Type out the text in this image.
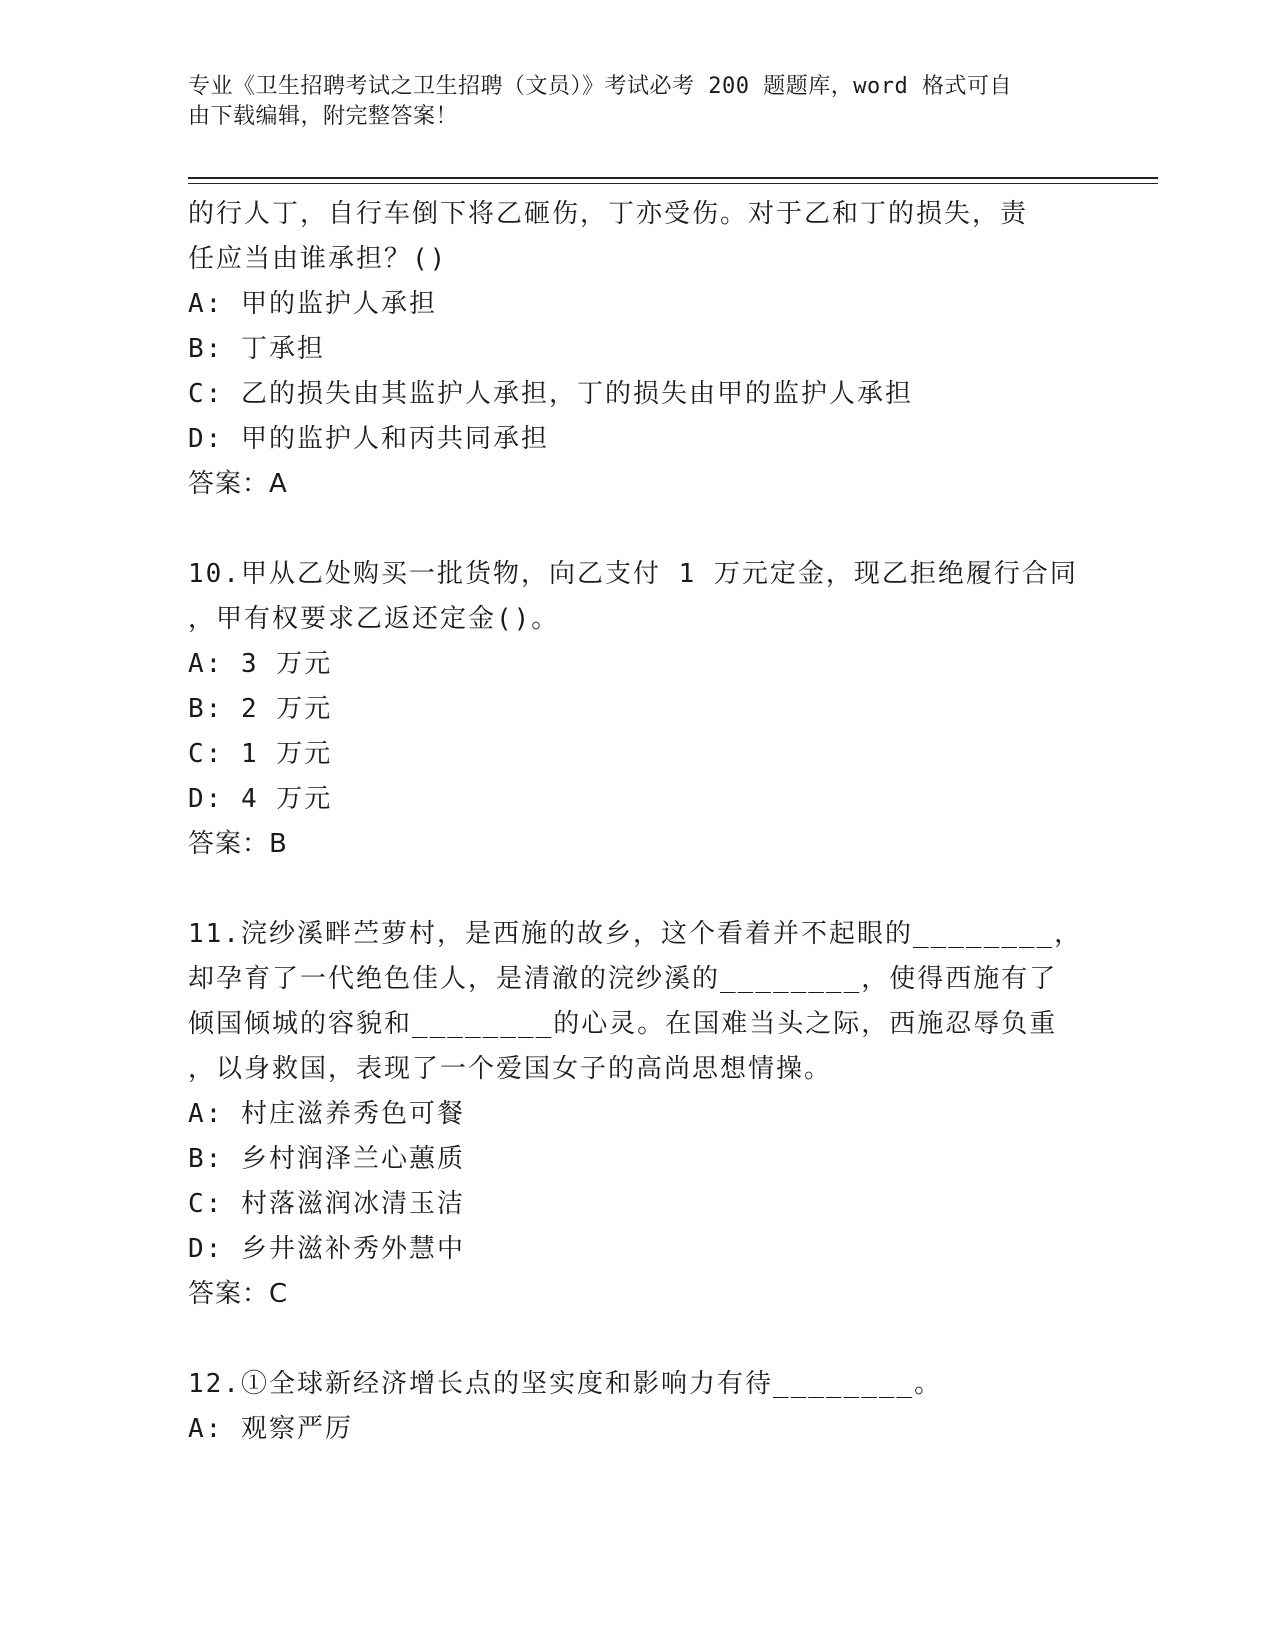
专业《卫生招聘考试之卫生招聘（文员）》考试必考 200 题题库，word 格式可自
由下载编辑，附完整答案！
的行人丁，自行车倒下将乙砸伤，丁亦受伤。对于乙和丁的损失，责
任应当由谁承担？()
A: 甲的监护人承担
B: 丁承担
C: 乙的损失由其监护人承担，丁的损失由甲的监护人承担
D: 甲的监护人和丙共同承担
答案：A
10.甲从乙处购买一批货物，向乙支付 1 万元定金，现乙拒绝履行合同
，甲有权要求乙返还定金()。
A: 3 万元
B: 2 万元
C: 1 万元
D: 4 万元
答案：B
11.浣纱溪畔苎萝村，是西施的故乡，这个看着并不起眼的________，
却孕育了一代绝色佳人，是清澈的浣纱溪的________，使得西施有了
倾国倾城的容貌和________的心灵。在国难当头之际，西施忍辱负重
，以身救国，表现了一个爱国女子的高尚思想情操。
A: 村庄滋养秀色可餐
B: 乡村润泽兰心蕙质
C: 村落滋润冰清玉洁
D: 乡井滋补秀外慧中
答案：C
12.①全球新经济增长点的坚实度和影响力有待________。
A: 观察严厉
